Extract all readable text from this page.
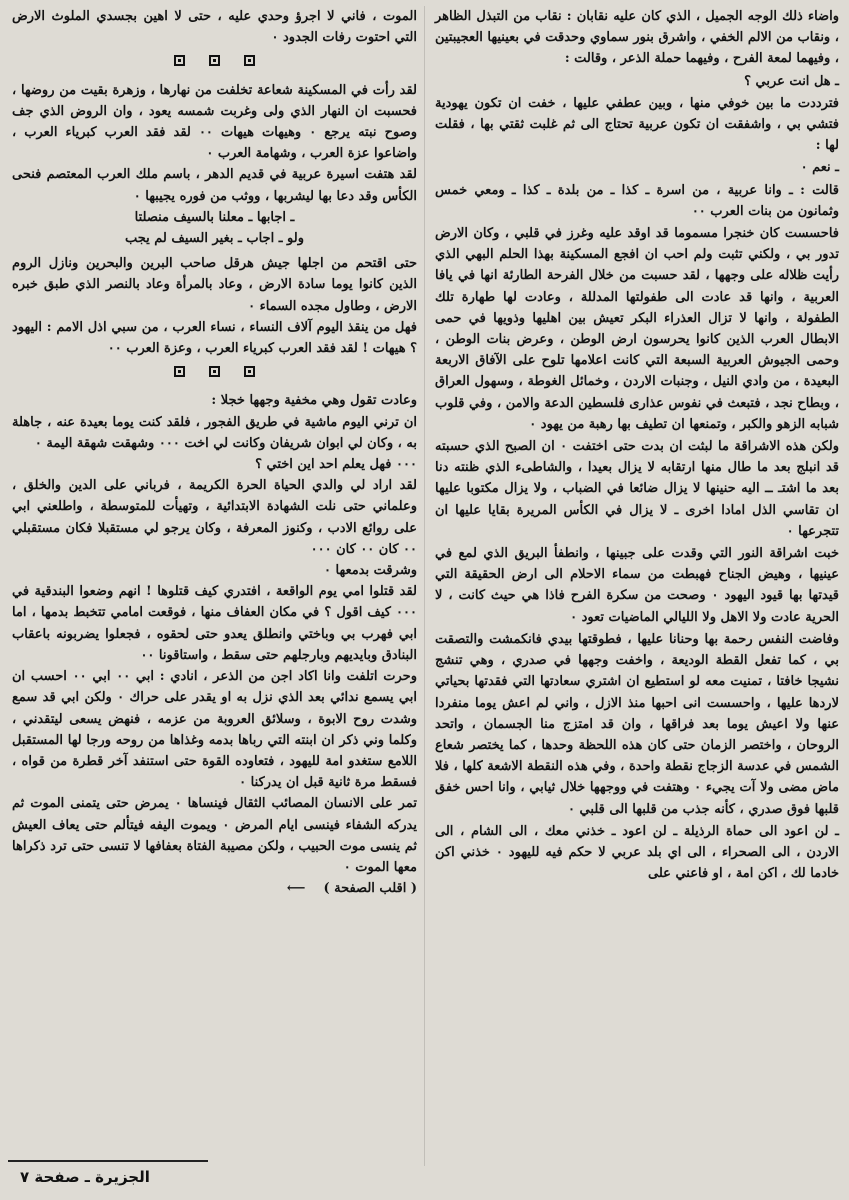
واضاء ذلك الوجه الجميل ، الذي كان عليه نقابان : نقاب من التبذل الظاهر ، ونقاب من الالم الخفي ، واشرق بنور سماوي وحدقت في بعينيها العجيبتين ، وفيهما لمعة الفرح ، وفيهما حملة الذعر ، وقالت :

ـ هل انت عربي ؟

فترددت ما بين خوفي منها ، وبين عطفي عليها ، خفت ان تكون يهودية فتشي بي ، واشفقت ان تكون عربية تحتاج الى ثم غلبت ثقتي بها ، فقلت لها :

ـ نعم ٠

قالت : ـ وانا عربية ، من اسرة ـ كذا ـ من بلدة ـ كذا ـ ومعي خمس وثمانون من بنات العرب ٠٠

فاحسست كان خنجرا مسموما قد اوقد عليه وغرز في قلبي ، وكان الارض تدور بي ، ولكني تثبت ولم احب ان افجع المسكينة بهذا الحلم البهي الذي رأيت ظلاله على وجهها ، لقد حسبت من خلال الفرحة الطارئة انها في يافا العربية ، وانها قد عادت الى طفولتها المدللة ، وعادت لها طهارة تلك الطفولة ، وانها لا تزال العذراء البكر تعيش بين اهليها وذويها في حمى الابطال العرب الذين كانوا يحرسون ارض الوطن ، وعرض بنات الوطن ، وحمى الجيوش العربية السبعة التي كانت اعلامها تلوح على الآفاق الاربعة البعيدة ، من وادي النيل ، وجنبات الاردن ، وخمائل الغوطة ، وسهول العراق ، وبطاح نجد ، فتبعث في نفوس عذارى فلسطين الدعة والامن ، وفي قلوب شبابه الزهو والكبر ، وتمنعها ان تطيف بها رهبة من يهود ٠

ولكن هذه الاشراقة ما لبثت ان بدت حتى اختفت ٠ ان الصبح الذي حسبته قد انبلج بعد ما طال منها ارتقابه لا يزال بعيدا ، والشاطىء الذي ظنته دنا بعد ما اشتـ ــ اليه حنينها لا يزال ضائعا في الضباب ، ولا يزال مكتوبا عليها ان تقاسي الذل امادا اخرى ـ لا يزال في الكأس المريرة بقايا عليها ان تتجرعها ٠

خبت اشراقة النور التي وقدت على جبينها ، وانطفأ البريق الذي لمع في عينيها ، وهيض الجناح فهبطت من سماء الاحلام الى ارض الحقيقة التي قيدتها بها قيود اليهود ٠ وصحت من سكرة الفرح فاذا هي حيث كانت ، لا الحرية عادت ولا الاهل ولا الليالي الماضيات تعود ٠

وفاضت النفس رحمة بها وحنانا عليها ، فطوقتها بيدي فانكمشت والتصقت بي ، كما تفعل القطة الوديعة ، واخفت وجهها في صدري ، وهي تنشج نشيجا خافتا ، تمنيت معه لو استطيع ان اشتري سعادتها التي فقدتها بحياتي لاردها عليها ، واحسست انى احبها منذ الازل ، واني لم اعش يوما منفردا عنها ولا اعيش يوما بعد فراقها ، وان قد امتزج منا الجسمان ، واتحد الروحان ، واختصر الزمان حتى كان هذه اللحظة وحدها ، كما يختصر شعاع الشمس في عدسة الزجاج نقطة واحدة ، وفي هذه النقطة الاشعة كلها ، فلا ماض مضى ولا آت يجيء ٠ وهتفت في ووجهها خلال ثيابي ، وانا احس خفق قلبها فوق صدري ، كأنه جذب من قلبها الى قلبي ٠

ـ لن اعود الى حماة الرذيلة ـ لن اعود ـ خذني معك ، الى الشام ، الى الاردن ، الى الصحراء ، الى اي بلد عربي لا حكم فيه لليهود ٠ خذني اكن خادما لك ، اكن امة ، او فاعني على

الموت ، فاني لا اجرؤ وحدي عليه ، حتى لا اهين بجسدي الملوث الارض التي احتوت رفات الجدود ٠

لقد رأت في المسكينة شعاعة تخلفت من نهارها ، وزهرة بقيت من روضها ، فحسبت ان النهار الذي ولى وغربت شمسه يعود ، وان الروض الذي جف وصوح نبته يرجع ٠ وهيهات هيهات ٠٠ لقد فقد العرب كبرياء العرب ، واضاعوا عزة العرب ، وشهامة العرب ٠

لقد هتفت اسيرة عربية في قديم الدهر ، باسم ملك العرب المعتصم فنحى الكأس وقد دعا بها ليشربها ، ووثب من فوره يجيبها ٠

ـ اجابها ـ معلنا بالسيف منصلتا

ولو ـ اجاب ـ بغير السيف لم يجب

حتى اقتحم من اجلها جيش هرقل صاحب البرين والبحرين ونازل الروم الذين كانوا يوما سادة الارض ، وعاد بالمرأة وعاد بالنصر الذي طبق خبره الارض ، وطاول مجده السماء ٠

فهل من ينقذ اليوم آلاف النساء ، نساء العرب ، من سبي اذل الامم : اليهود ؟ هيهات ! لقد فقد العرب كبرياء العرب ، وعزة العرب ٠٠

وعادت تقول وهي مخفية وجهها خجلا :

ان ترني اليوم ماشية في طريق الفجور ، فلقد كنت يوما بعيدة عنه ، جاهلة به ، وكان لي ابوان شريفان وكانت لي اخت ٠٠٠ وشهقت شهقة اليمة ٠

٠٠٠ فهل يعلم احد اين اختي ؟

لقد اراد لي والدي الحياة الحرة الكريمة ، فرباني على الدين والخلق ، وعلماني حتى نلت الشهادة الابتدائية ، وتهيأت للمتوسطة ، واطلعني ابي على روائع الادب ، وكنوز المعرفة ، وكان يرجو لي مستقبلا فكان مستقبلي ٠٠ كان ٠٠ كان ٠٠٠

وشرقت بدمعها ٠

لقد قتلوا امي يوم الواقعة ، افتدري كيف قتلوها ! انهم وضعوا البندقية في ٠٠٠ كيف اقول ؟ في مكان العفاف منها ، فوقعت امامي تتخبط بدمها ، اما ابي فهرب بي وباختي وانطلق يعدو حتى لحقوه ، فجعلوا يضربونه باعقاب البنادق وبايديهم وبارجلهم حتى سقط ، واستاقونا ٠٠

وحرت اتلفت وانا اكاد اجن من الذعر ، انادي : ابي ٠٠ ابي ٠٠ احسب ان ابي يسمع ندائي بعد الذي نزل به او يقدر على حراك ٠ ولكن ابي قد سمع وشدت روح الابوة ، وسلائق العروبة من عزمه ، فنهض يسعى ليتقدني ، وكلما وني ذكر ان ابنته التي رباها بدمه وغذاها من روحه ورجا لها المستقبل اللامع ستغدو امة لليهود ، فتعاوده القوة حتى استنفد آخر قطرة من قواه ، فسقط مرة ثانية قبل ان يدركنا ٠

تمر على الانسان المصائب الثقال فينساها ٠ يمرض حتى يتمنى الموت ثم يدركه الشفاء فينسى ايام المرض ٠ ويموت اليفه فيتألم حتى يعاف العيش ثم ينسى موت الحبيب ، ولكن مصيبة الفتاة بعفافها لا تنسى حتى ترد ذكراها معها الموت ٠

( اقلب الصفحة )⟵

الجزيرة ـ صفحة ٧
